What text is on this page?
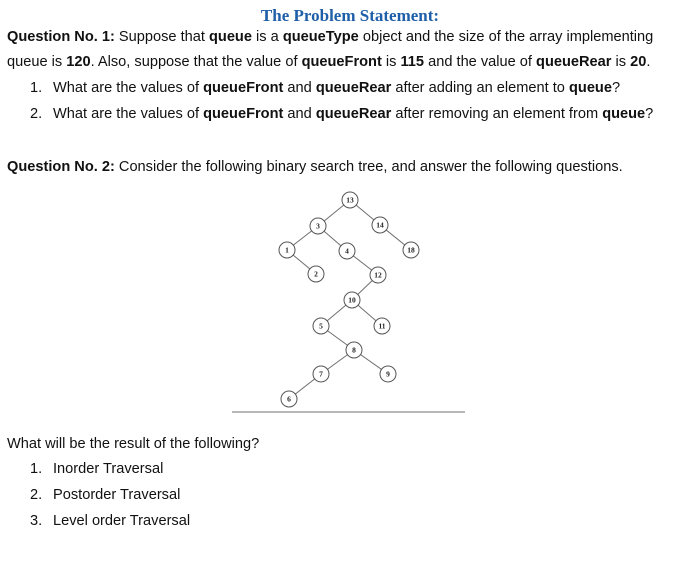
The Problem Statement:

Question No. 1: Suppose that queue is a queueType object and the size of the array implementing queue is 120. Also, suppose that the value of queueFront is 115 and the value of queueRear is 20.

1. What are the values of queueFront and queueRear after adding an element to queue?
2. What are the values of queueFront and queueRear after removing an element from queue?

Question No. 2: Consider the following binary search tree, and answer the following questions.

13
3	14
1	4	18
2	12
10
5	11
8
7	9
6

What will be the result of the following?

1. Inorder Traversal
2. Postorder Traversal
3. Level order Traversal
